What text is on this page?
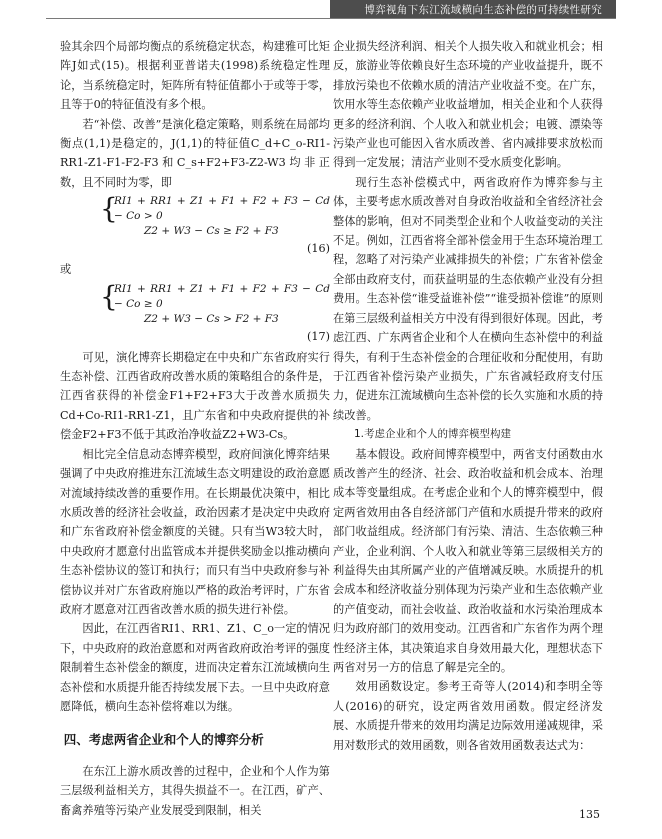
博弈视角下东江流域横向生态补偿的可持续性研究

验其余四个局部均衡点的系统稳定状态，构建雅可比矩阵J如式(15)。根据利亚普诺夫(1998)系统稳定性理论，当系统稳定时，矩阵所有特征值都小于或等于零，且等于0的特征值没有多个根。

若“补偿、改善”是演化稳定策略，则系统在局部均衡点(1,1)是稳定的，J(1,1)的特征值C_d+C_o-RI1-RR1-Z1-F1-F2-F3和C_s+F2+F3-Z2-W3均非正数，且不同时为零，即

{
RI1 + RR1 + Z1 + F1 + F2 + F3 − Cd − Co > 0
Z2 + W3 − Cs ≥ F2 + F3
(16)

或

{
RI1 + RR1 + Z1 + F1 + F2 + F3 − Cd − Co ≥ 0
Z2 + W3 − Cs > F2 + F3
(17)

可见，演化博弈长期稳定在中央和广东省政府实行生态补偿、江西省政府改善水质的策略组合的条件是，江西省获得的补偿金F1+F2+F3大于改善水质损失Cd+Co-RI1-RR1-Z1，且广东省和中央政府提供的补偿金F2+F3不低于其政治净收益Z2+W3-Cs。

相比完全信息动态博弈模型，政府间演化博弈结果强调了中央政府推进东江流域生态文明建设的政治意愿对流域持续改善的重要作用。在长期最优决策中，相比水质改善的经济社会收益，政治因素才是决定中央政府和广东省政府补偿金额度的关键。只有当W3较大时，中央政府才愿意付出监管成本并提供奖励金以推动横向生态补偿协议的签订和执行；而只有当中央政府参与补偿协议并对广东省政府施以严格的政治考评时，广东省政府才愿意对江西省改善水质的损失进行补偿。

因此，在江西省RI1、RR1、Z1、C_o一定的情况下，中央政府的政治意愿和对两省政府政治考评的强度限制着生态补偿金的额度，进而决定着东江流域横向生态补偿和水质提升能否持续发展下去。一旦中央政府意愿降低，横向生态补偿将难以为继。

四、考虑两省企业和个人的博弈分析

在东江上游水质改善的过程中，企业和个人作为第三层级利益相关方，其得失损益不一。在江西，矿产、畜禽养殖等污染产业发展受到限制，相关

企业损失经济利润、相关个人损失收入和就业机会；相反，旅游业等依赖良好生态环境的产业收益提升，既不排放污染也不依赖水质的清洁产业收益不变。在广东，饮用水等生态依赖产业收益增加，相关企业和个人获得更多的经济利润、个人收入和就业机会；电镀、漂染等污染产业也可能因入省水质改善、省内减排要求放松而得到一定发展；清洁产业则不受水质变化影响。

现行生态补偿模式中，两省政府作为博弈参与主体，主要考虑水质改善对自身政治收益和全省经济社会整体的影响，但对不同类型企业和个人收益变动的关注不足。例如，江西省将全部补偿金用于生态环境治理工程，忽略了对污染产业减排损失的补偿；广东省补偿金全部由政府支付，而获益明显的生态依赖产业没有分担费用。生态补偿“谁受益谁补偿”“谁受损补偿谁”的原则在第三层级利益相关方中没有得到很好体现。因此，考虑江西、广东两省企业和个人在横向生态补偿中的利益得失，有利于生态补偿金的合理征收和分配使用，有助于江西省补偿污染产业损失，广东省减轻政府支付压力，促进东江流域横向生态补偿的长久实施和水质的持续改善。

1.考虑企业和个人的博弈模型构建

基本假设。政府间博弈模型中，两省支付函数由水质改善产生的经济、社会、政治收益和机会成本、治理成本等变量组成。在考虑企业和个人的博弈模型中，假定两省效用由各自经济部门产值和水质提升带来的政府部门收益组成。经济部门有污染、清洁、生态依赖三种产业，企业利润、个人收入和就业等第三层级相关方的利益得失由其所属产业的产值增减反映。水质提升的机会成本和经济收益分别体现为污染产业和生态依赖产业的产值变动，而社会收益、政治收益和水污染治理成本归为政府部门的效用变动。江西省和广东省作为两个理性经济主体，其决策追求自身效用最大化，理想状态下两省对另一方的信息了解是完全的。

效用函数设定。参考王奇等人(2014)和李明全等人(2016)的研究，设定两省效用函数。假定经济发展、水质提升带来的效用均满足边际效用递减规律，采用对数形式的效用函数，则各省效用函数表达式为：

135
